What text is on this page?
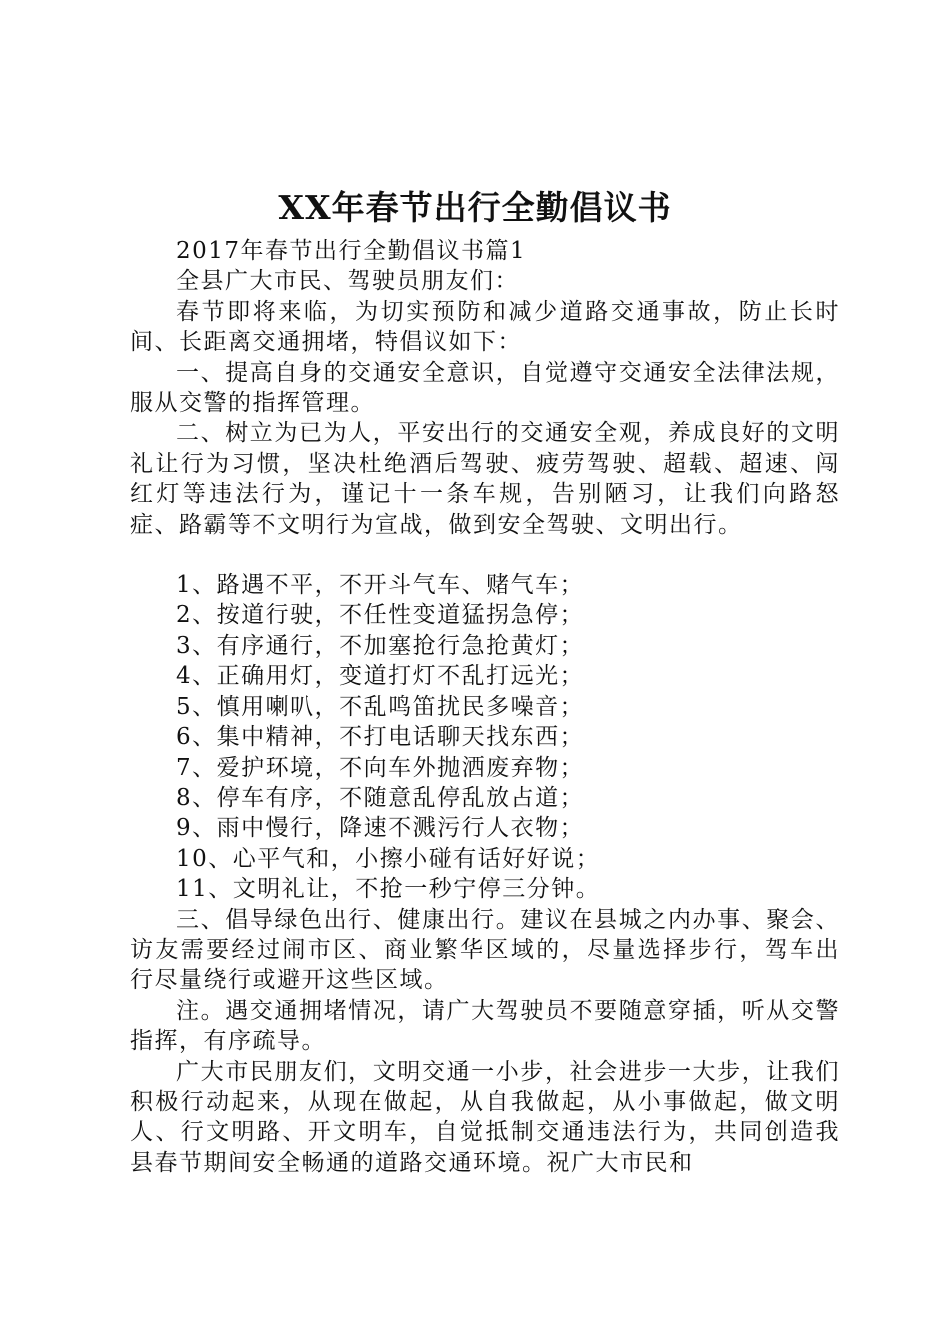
XX年春节出行全勤倡议书

2017年春节出行全勤倡议书篇1

全县广大市民、驾驶员朋友们：

春节即将来临，为切实预防和减少道路交通事故，防止长时间、长距离交通拥堵，特倡议如下：

一、提高自身的交通安全意识，自觉遵守交通安全法律法规，服从交警的指挥管理。

二、树立为已为人，平安出行的交通安全观，养成良好的文明礼让行为习惯，坚决杜绝酒后驾驶、疲劳驾驶、超载、超速、闯红灯等违法行为，谨记十一条车规，告别陋习，让我们向路怒症、路霸等不文明行为宣战，做到安全驾驶、文明出行。

1、路遇不平，不开斗气车、赌气车；

2、按道行驶，不任性变道猛拐急停；

3、有序通行，不加塞抢行急抢黄灯；

4、正确用灯，变道打灯不乱打远光；

5、慎用喇叭，不乱鸣笛扰民多噪音；

6、集中精神，不打电话聊天找东西；

7、爱护环境，不向车外抛洒废弃物；

8、停车有序，不随意乱停乱放占道；

9、雨中慢行，降速不溅污行人衣物；

10、心平气和，小擦小碰有话好好说；

11、文明礼让，不抢一秒宁停三分钟。

三、倡导绿色出行、健康出行。建议在县城之内办事、聚会、访友需要经过闹市区、商业繁华区域的，尽量选择步行，驾车出行尽量绕行或避开这些区域。

注。遇交通拥堵情况，请广大驾驶员不要随意穿插，听从交警指挥，有序疏导。

广大市民朋友们，文明交通一小步，社会进步一大步，让我们积极行动起来，从现在做起，从自我做起，从小事做起，做文明人、行文明路、开文明车，自觉抵制交通违法行为，共同创造我县春节期间安全畅通的道路交通环境。祝广大市民和
